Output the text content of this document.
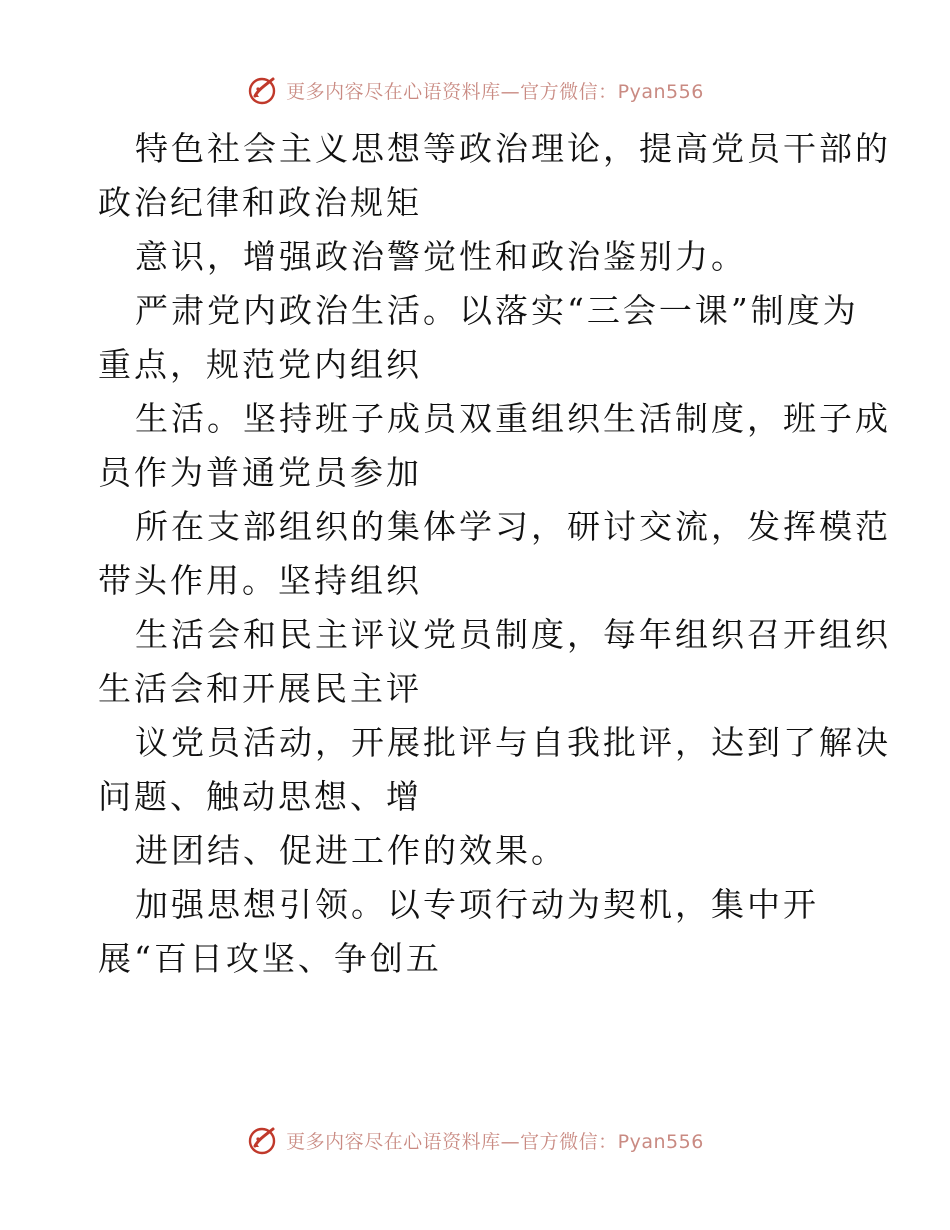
更多内容尽在心语资料库—官方微信：Pyan556
特色社会主义思想等政治理论，提高党员干部的
政治纪律和政治规矩
意识，增强政治警觉性和政治鉴别力。
严肃党内政治生活。以落实“三会一课”制度为
重点，规范党内组织
生活。坚持班子成员双重组织生活制度，班子成
员作为普通党员参加
所在支部组织的集体学习，研讨交流，发挥模范
带头作用。坚持组织
生活会和民主评议党员制度，每年组织召开组织
生活会和开展民主评
议党员活动，开展批评与自我批评，达到了解决
问题、触动思想、增
进团结、促进工作的效果。
加强思想引领。以专项行动为契机，集中开
展“百日攻坚、争创五
更多内容尽在心语资料库—官方微信：Pyan556
